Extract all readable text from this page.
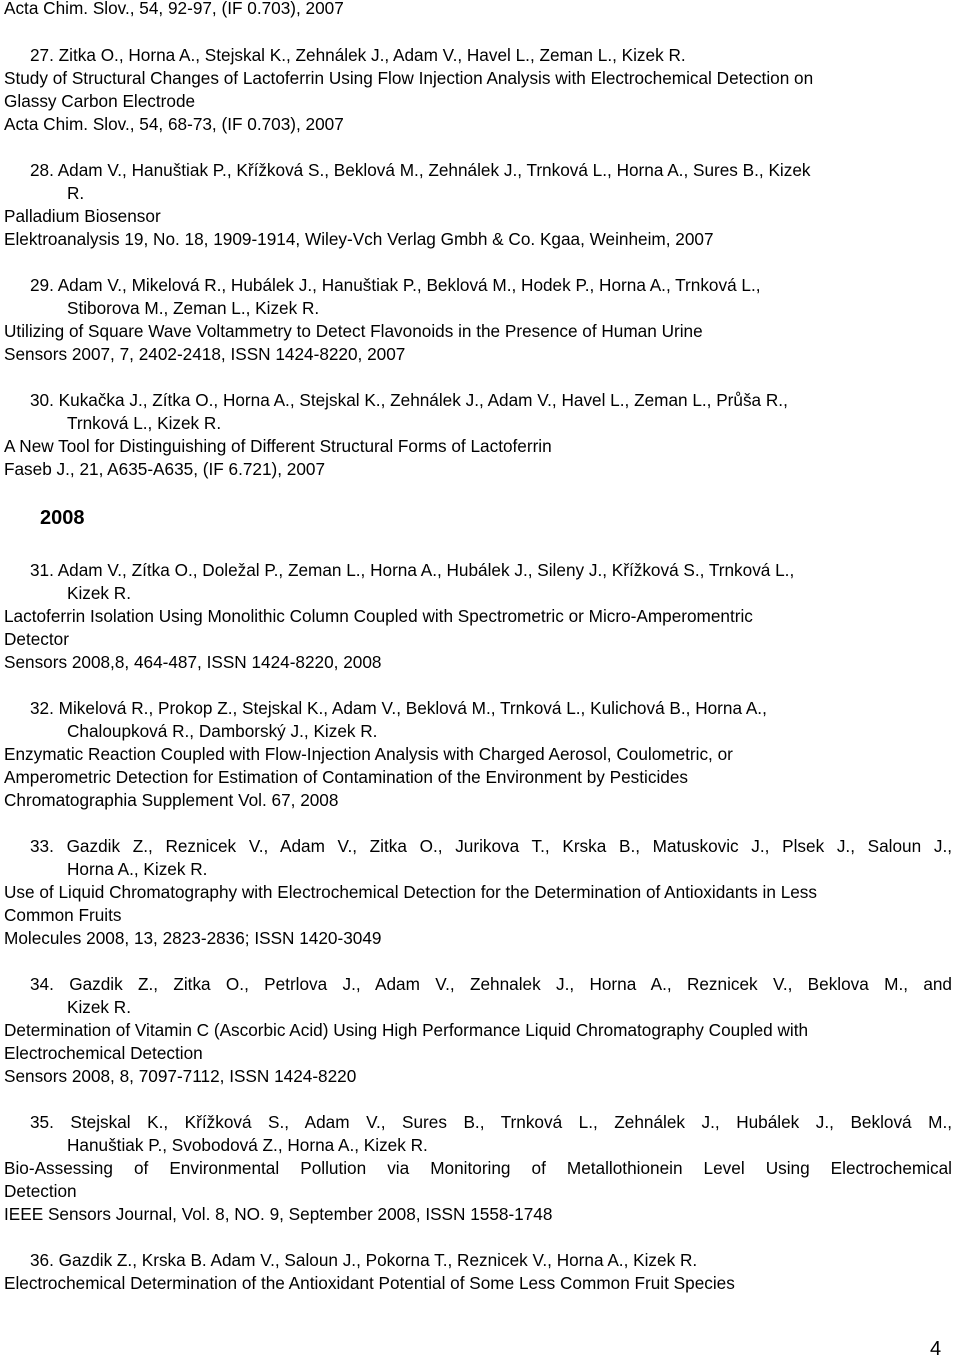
Acta Chim. Slov., 54, 92-97, (IF 0.703), 2007
27. Zitka O., Horna A., Stejskal K., Zehnálek J., Adam V., Havel L., Zeman L., Kizek R.
Study of Structural Changes of Lactoferrin Using Flow Injection Analysis with Electrochemical Detection on
Glassy Carbon Electrode
Acta Chim. Slov., 54, 68-73, (IF 0.703), 2007
28. Adam V., Hanuštiak P., Křížková S., Beklová M., Zehnálek J., Trnková L., Horna A., Sures B., Kizek
R.
Palladium Biosensor
Elektroanalysis 19, No. 18, 1909-1914, Wiley-Vch Verlag Gmbh & Co. Kgaa, Weinheim, 2007
29. Adam V., Mikelová R., Hubálek J., Hanuštiak P., Beklová M., Hodek P., Horna A., Trnková L.,
Stiborova M., Zeman L., Kizek R.
Utilizing of Square Wave Voltammetry to Detect Flavonoids in the Presence of Human Urine
Sensors 2007, 7, 2402-2418, ISSN 1424-8220, 2007
30. Kukačka J., Zítka O., Horna A., Stejskal K., Zehnálek J., Adam V., Havel L., Zeman L., Průša R.,
Trnková L., Kizek R.
A New Tool for Distinguishing of Different Structural Forms of Lactoferrin
Faseb J., 21, A635-A635, (IF 6.721), 2007
2008
31. Adam V., Zítka O., Doležal P., Zeman L., Horna A., Hubálek J., Sileny J., Křížková S., Trnková L.,
Kizek R.
Lactoferrin Isolation Using Monolithic Column Coupled with Spectrometric or Micro-Amperomentric
Detector
Sensors 2008,8, 464-487, ISSN 1424-8220, 2008
32. Mikelová R., Prokop Z., Stejskal K., Adam V., Beklová M., Trnková L., Kulichová B., Horna A.,
Chaloupková R., Damborský J., Kizek R.
Enzymatic Reaction Coupled with Flow-Injection Analysis with Charged Aerosol, Coulometric, or
Amperometric Detection for Estimation of Contamination of the Environment by Pesticides
Chromatographia Supplement Vol. 67, 2008
33. Gazdik Z., Reznicek V., Adam V., Zitka O., Jurikova T., Krska B., Matuskovic J., Plsek J., Saloun J.,
Horna A., Kizek R.
Use of Liquid Chromatography with Electrochemical Detection for the Determination of Antioxidants in Less
Common Fruits
Molecules 2008, 13, 2823-2836; ISSN 1420-3049
34. Gazdik Z., Zitka O., Petrlova J., Adam V., Zehnalek J., Horna A., Reznicek V., Beklova M., and
Kizek R.
Determination of Vitamin C (Ascorbic Acid) Using High Performance Liquid Chromatography Coupled with
Electrochemical Detection
Sensors 2008, 8, 7097-7112, ISSN 1424-8220
35. Stejskal K., Křížková S., Adam V., Sures B., Trnková L., Zehnálek J., Hubálek J., Beklová M.,
Hanuštiak P., Svobodová Z., Horna A., Kizek R.
Bio-Assessing of Environmental Pollution via Monitoring of Metallothionein Level Using Electrochemical
Detection
IEEE Sensors Journal, Vol. 8, NO. 9, September 2008, ISSN 1558-1748
36. Gazdik Z., Krska B. Adam V., Saloun J., Pokorna T., Reznicek V., Horna A., Kizek R.
Electrochemical Determination of the Antioxidant Potential of Some Less Common Fruit Species
4
